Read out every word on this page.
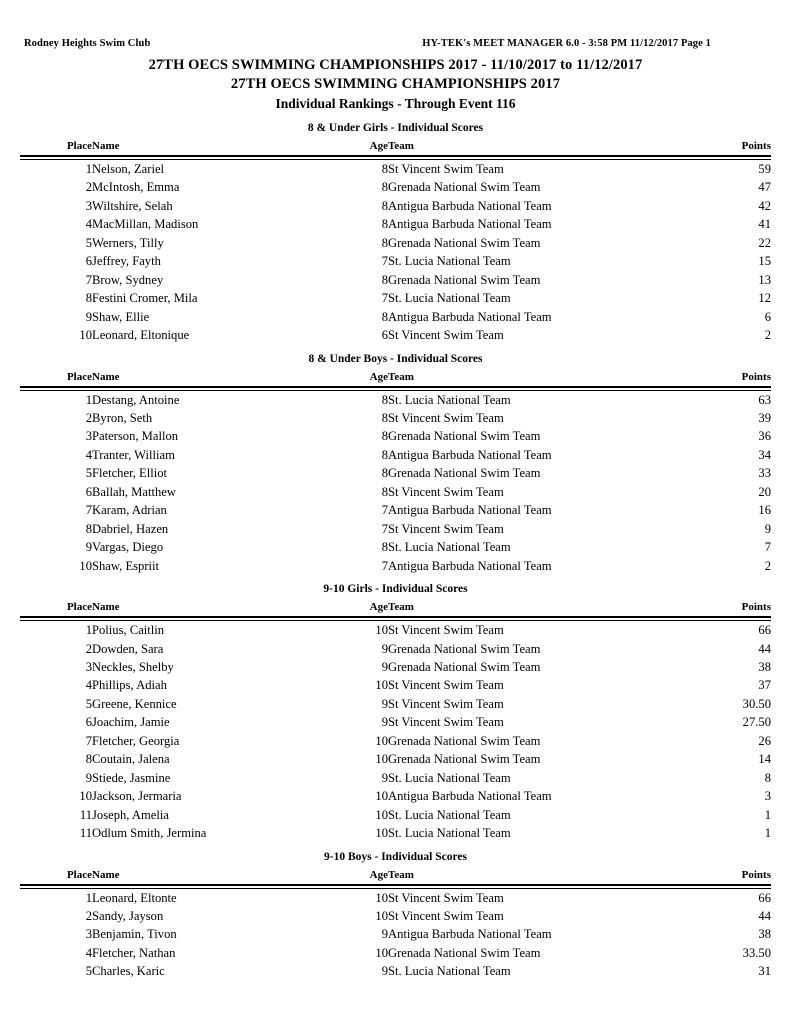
Rodney Heights Swim Club	HY-TEK's MEET MANAGER 6.0 - 3:58 PM 11/12/2017 Page 1
27TH OECS SWIMMING CHAMPIONSHIPS 2017 - 11/10/2017 to 11/12/2017
27TH OECS SWIMMING CHAMPIONSHIPS 2017
Individual Rankings - Through Event 116
8 & Under Girls - Individual Scores
Place	Name	Age	Team	Points

1	Nelson, Zariel	8	St Vincent Swim Team	59
2	McIntosh, Emma	8	Grenada National Swim Team	47
3	Wiltshire, Selah	8	Antigua Barbuda National Team	42
4	MacMillan, Madison	8	Antigua Barbuda National Team	41
5	Werners, Tilly	8	Grenada National Swim Team	22
6	Jeffrey, Fayth	7	St. Lucia National Team	15
7	Brow, Sydney	8	Grenada National Swim Team	13
8	Festini Cromer, Mila	7	St. Lucia National Team	12
9	Shaw, Ellie	8	Antigua Barbuda National Team	6
10	Leonard, Eltonique	6	St Vincent Swim Team	2
8 & Under Boys - Individual Scores
Place	Name	Age	Team	Points

1	Destang, Antoine	8	St. Lucia National Team	63
2	Byron, Seth	8	St Vincent Swim Team	39
3	Paterson, Mallon	8	Grenada National Swim Team	36
4	Tranter, William	8	Antigua Barbuda National Team	34
5	Fletcher, Elliot	8	Grenada National Swim Team	33
6	Ballah, Matthew	8	St Vincent Swim Team	20
7	Karam, Adrian	7	Antigua Barbuda National Team	16
8	Dabriel, Hazen	7	St Vincent Swim Team	9
9	Vargas, Diego	8	St. Lucia National Team	7
10	Shaw, Espriit	7	Antigua Barbuda National Team	2
9-10 Girls - Individual Scores
Place	Name	Age	Team	Points

1	Polius, Caitlin	10	St Vincent Swim Team	66
2	Dowden, Sara	9	Grenada National Swim Team	44
3	Neckles, Shelby	9	Grenada National Swim Team	38
4	Phillips, Adiah	10	St Vincent Swim Team	37
5	Greene, Kennice	9	St Vincent Swim Team	30.50
6	Joachim, Jamie	9	St Vincent Swim Team	27.50
7	Fletcher, Georgia	10	Grenada National Swim Team	26
8	Coutain, Jalena	10	Grenada National Swim Team	14
9	Stiede, Jasmine	9	St. Lucia National Team	8
10	Jackson, Jermaria	10	Antigua Barbuda National Team	3
11	Joseph, Amelia	10	St. Lucia National Team	1
11	Odlum Smith, Jermina	10	St. Lucia National Team	1
9-10 Boys - Individual Scores
Place	Name	Age	Team	Points

1	Leonard, Eltonte	10	St Vincent Swim Team	66
2	Sandy, Jayson	10	St Vincent Swim Team	44
3	Benjamin, Tivon	9	Antigua Barbuda National Team	38
4	Fletcher, Nathan	10	Grenada National Swim Team	33.50
5	Charles, Karic	9	St. Lucia National Team	31
